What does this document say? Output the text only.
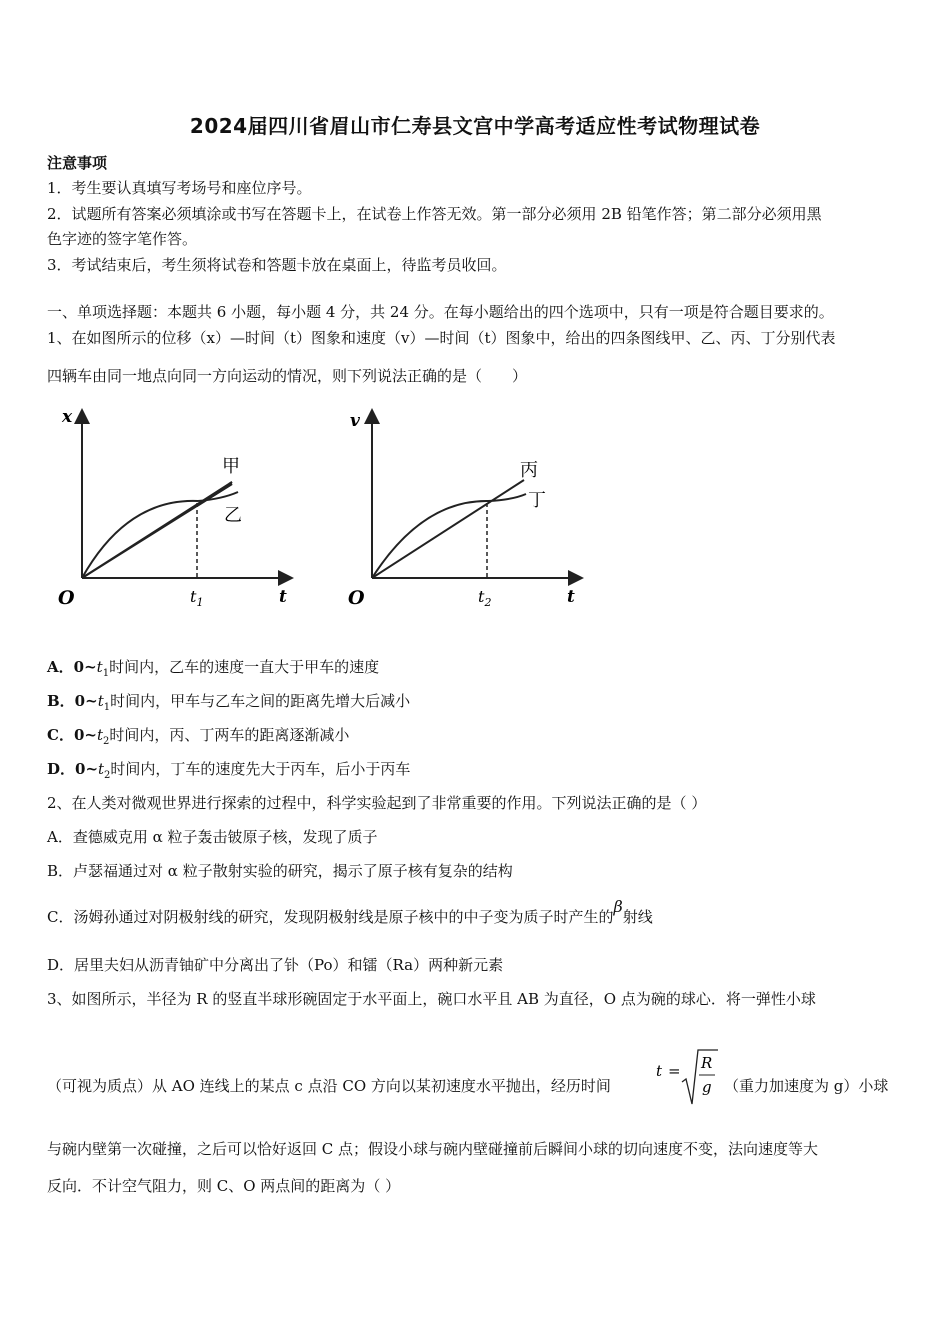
2024届四川省眉山市仁寿县文宫中学高考适应性考试物理试卷
注意事项
1．考生要认真填写考场号和座位序号。
2．试题所有答案必须填涂或书写在答题卡上，在试卷上作答无效。第一部分必须用 2B 铅笔作答；第二部分必须用黑
色字迹的签字笔作答。
3．考试结束后，考生须将试卷和答题卡放在桌面上，待监考员收回。
一、单项选择题：本题共 6 小题，每小题 4 分，共 24 分。在每小题给出的四个选项中，只有一项是符合题目要求的。
1、在如图所示的位移（x）—时间（t）图象和速度（v）—时间（t）图象中，给出的四条图线甲、乙、丙、丁分别代表
四辆车由同一地点向同一方向运动的情况，则下列说法正确的是（　　）
x
t
O	$t_1$
甲
乙
v
t
O	$t_2$
丙
丁
A．$0\sim t_1$时间内，乙车的速度一直大于甲车的速度
B．$0\sim t_1$时间内，甲车与乙车之间的距离先增大后减小
C．$0\sim t_2$时间内，丙、丁两车的距离逐渐减小
D．$0\sim t_2$时间内，丁车的速度先大于丙车，后小于丙车
2、在人类对微观世界进行探索的过程中，科学实验起到了非常重要的作用。下列说法正确的是（ ）
A．查德威克用 α 粒子轰击铍原子核，发现了质子
B．卢瑟福通过对 α 粒子散射实验的研究，揭示了原子核有复杂的结构
C．汤姆孙通过对阴极射线的研究，发现阴极射线是原子核中的中子变为质子时产生的β射线
D．居里夫妇从沥青铀矿中分离出了钋（Po）和镭（Ra）两种新元素
3、如图所示，半径为 R 的竖直半球形碗固定于水平面上，碗口水平且 AB 为直径，O 点为碗的球心．将一弹性小球
（可视为质点）从 AO 连线上的某点 c 点沿 CO 方向以某初速度水平抛出，经历时间
t = R
g （重力加速度为 g）小球
与碗内壁第一次碰撞，之后可以恰好返回 C 点；假设小球与碗内壁碰撞前后瞬间小球的切向速度不变，法向速度等大
反向．不计空气阻力，则 C、O 两点间的距离为（ ）
